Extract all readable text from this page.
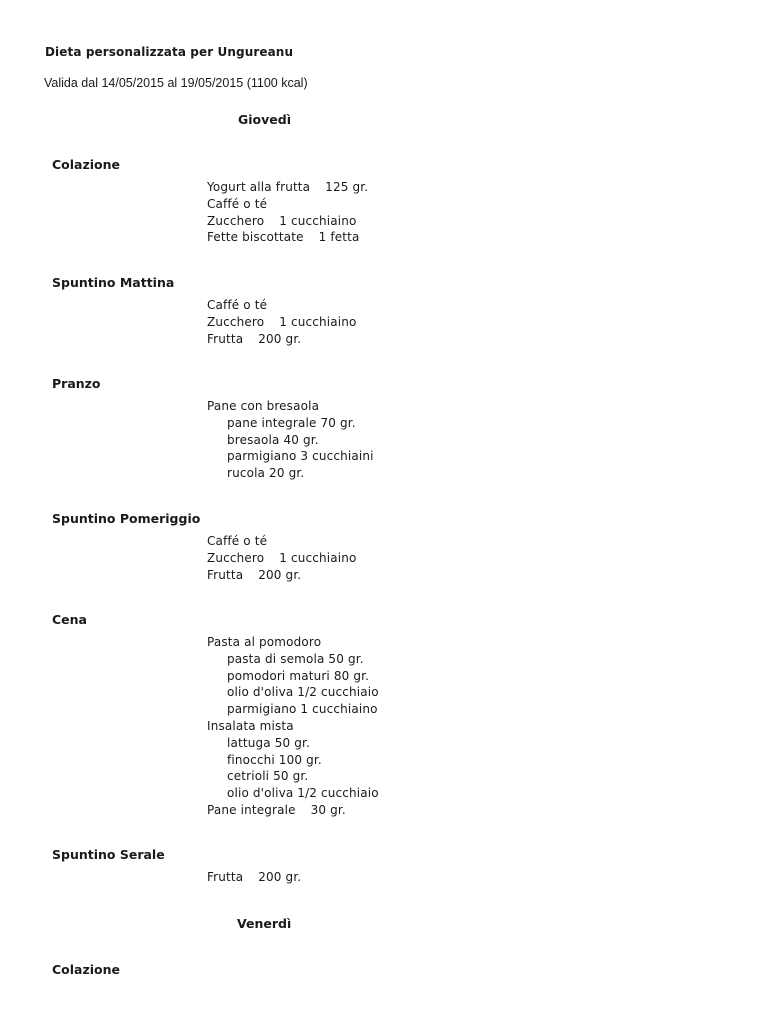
Dieta personalizzata per Ungureanu
Valida dal 14/05/2015 al 19/05/2015 (1100 kcal)
Giovedì
Colazione
Yogurt alla frutta 125 gr.
Caffé o té
Zucchero 1 cucchiaino
Fette biscottate 1 fetta
Spuntino Mattina
Caffé o té
Zucchero 1 cucchiaino
Frutta 200 gr.
Pranzo
Pane con bresaola
pane integrale 70 gr.
bresaola 40 gr.
parmigiano 3 cucchiaini
rucola 20 gr.
Spuntino Pomeriggio
Caffé o té
Zucchero 1 cucchiaino
Frutta 200 gr.
Cena
Pasta al pomodoro
pasta di semola 50 gr.
pomodori maturi 80 gr.
olio d'oliva 1/2 cucchiaio
parmigiano 1 cucchiaino
Insalata mista
lattuga 50 gr.
finocchi 100 gr.
cetrioli 50 gr.
olio d'oliva 1/2 cucchiaio
Pane integrale 30 gr.
Spuntino Serale
Frutta 200 gr.
Venerdì
Colazione
